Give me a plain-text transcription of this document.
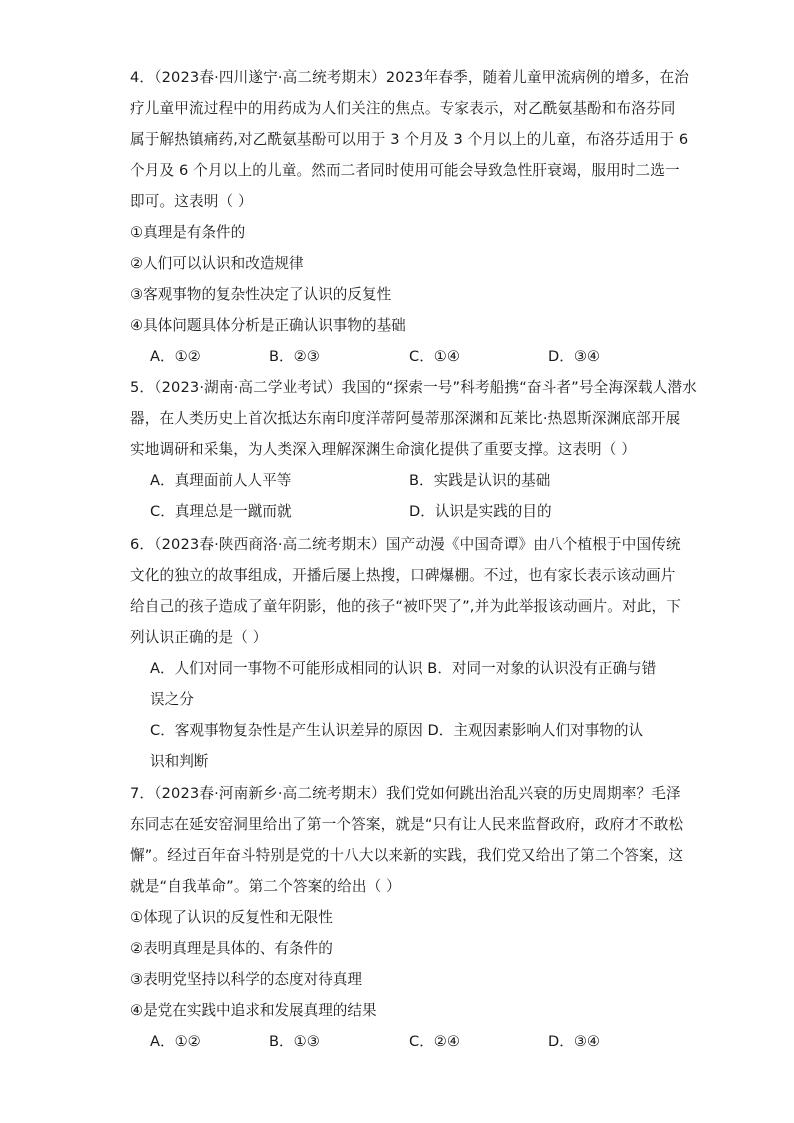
4．（2023春·四川遂宁·高二统考期末）2023年春季，随着儿童甲流病例的增多，在治
疗儿童甲流过程中的用药成为人们关注的焦点。专家表示，对乙酰氨基酚和布洛芬同
属于解热镇痛药,对乙酰氨基酚可以用于 3 个月及 3 个月以上的儿童，布洛芬适用于 6
个月及 6 个月以上的儿童。然而二者同时使用可能会导致急性肝衰竭，服用时二选一
即可。这表明（ ）
①真理是有条件的
②人们可以认识和改造规律
③客观事物的复杂性决定了认识的反复性
④具体问题具体分析是正确认识事物的基础
A．①②	B．②③	C．①④	D．③④
5．（2023·湖南·高二学业考试）我国的“探索一号”科考船携“奋斗者”号全海深载人潜水
器，在人类历史上首次抵达东南印度洋蒂阿曼蒂那深渊和瓦莱比·热恩斯深渊底部开展
实地调研和采集，为人类深入理解深渊生命演化提供了重要支撑。这表明（ ）
A．真理面前人人平等	B．实践是认识的基础
C．真理总是一蹴而就	D．认识是实践的目的
6．（2023春·陕西商洛·高二统考期末）国产动漫《中国奇谭》由八个植根于中国传统
文化的独立的故事组成，开播后屡上热搜，口碑爆棚。不过，也有家长表示该动画片
给自己的孩子造成了童年阴影，他的孩子“被吓哭了”,并为此举报该动画片。对此，下
列认识正确的是（ ）
A．人们对同一事物不可能形成相同的认识 B．对同一对象的认识没有正确与错
误之分
C．客观事物复杂性是产生认识差异的原因 D．主观因素影响人们对事物的认
识和判断
7．（2023春·河南新乡·高二统考期末）我们党如何跳出治乱兴衰的历史周期率？毛泽
东同志在延安窑洞里给出了第一个答案，就是“只有让人民来监督政府，政府才不敢松
懈”。经过百年奋斗特别是党的十八大以来新的实践，我们党又给出了第二个答案，这
就是“自我革命”。第二个答案的给出（ ）
①体现了认识的反复性和无限性
②表明真理是具体的、有条件的
③表明党坚持以科学的态度对待真理
④是党在实践中追求和发展真理的结果
A．①②	B．①③	C．②④	D．③④
